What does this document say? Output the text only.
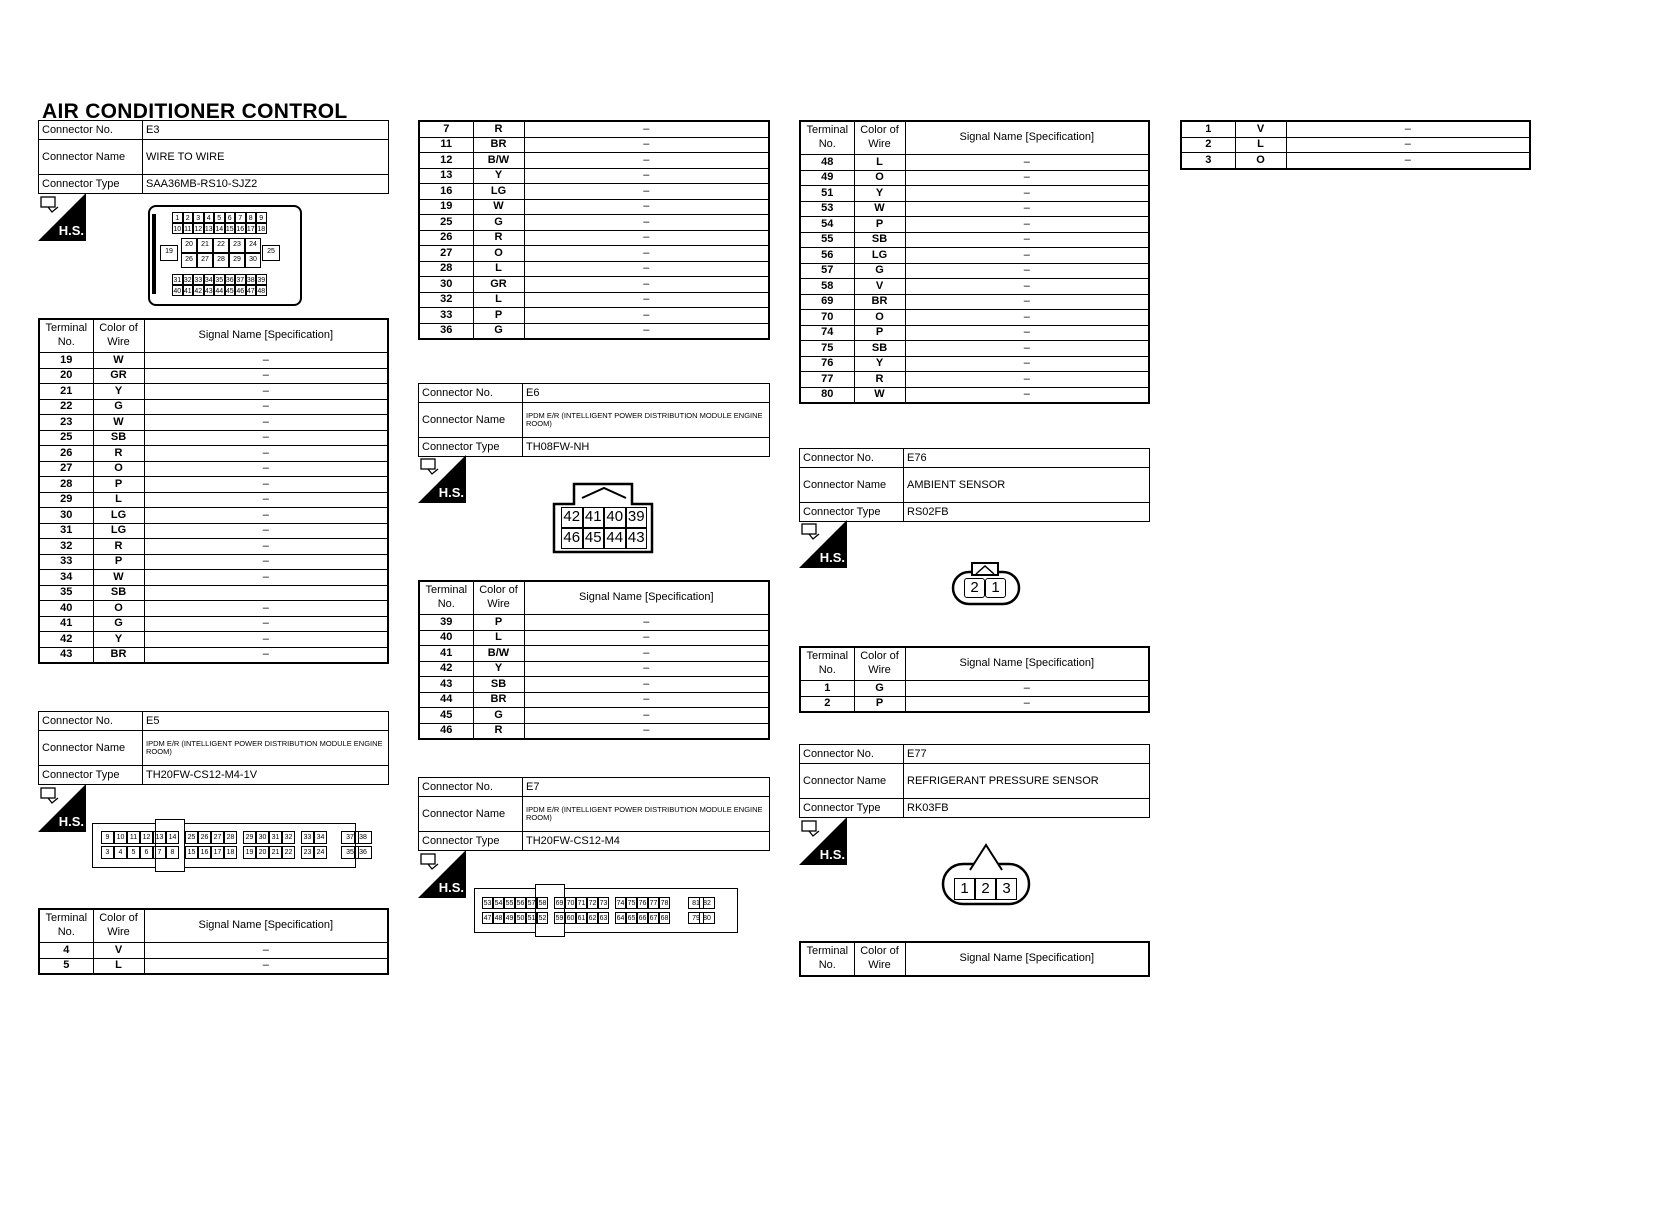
AIR CONDITIONER CONTROL
Connector No.	E3
Connector Name	WIRE TO WIRE
Connector Type	SAA36MB-RS10-SJZ2
H.S.
1 2 3 4 5 6 7 8 9
10 11 12 13 14 15 16 17 18
20	21	22	23	24
26	27	28	29	30
19	25
31 32 33 34 35 36 37 38 39
40 41 42 43 44 45 46 47 48
Terminal No.	Color of Wire	Signal Name [Specification]
19	W	–
20	GR	–
21	Y	–
22	G	–
23	W	–
25	SB	–
26	R	–
27	O	–
28	P	–
29	L	–
30	LG	–
31	LG	–
32	R	–
33	P	–
34	W	–
35	SB	
40	O	–
41	G	–
42	Y	–
43	BR	–
Connector No.	E5
Connector Name	IPDM E/R (INTELLIGENT POWER DISTRIBUTION MODULE ENGINE ROOM)
Connector Type	TH20FW-CS12-M4-1V
H.S.
9	10 11 12 13 14	25 26 27 28	29 30 31 32	33 34	37 38
3	4	5	6	7	8	15 16 17 18	19 20 21 22	23 24	35 36
Terminal No.	Color of Wire	Signal Name [Specification]
4	V	–
5	L	–
7	R	–
11	BR	–
12	B/W	–
13	Y	–
16	LG	–
19	W	–
25	G	–
26	R	–
27	O	–
28	L	–
30	GR	–
32	L	–
33	P	–
36	G	–
Connector No.	E6
Connector Name	IPDM E/R (INTELLIGENT POWER DISTRIBUTION MODULE ENGINE ROOM)
Connector Type	TH08FW-NH
H.S.
42 41 40 39
46 45 44 43
Terminal No.	Color of Wire	Signal Name [Specification]
39	P	–
40	L	–
41	B/W	–
42	Y	–
43	SB	–
44	BR	–
45	G	–
46	R	–
Connector No.	E7
Connector Name	IPDM E/R (INTELLIGENT POWER DISTRIBUTION MODULE ENGINE ROOM)
Connector Type	TH20FW-CS12-M4
H.S.
53 54 55 56 57 58 69 70 71 72 73 74 75 76 77 78	81 82
47 48 49 50 51 52 59 60 61 62 63 64 65 66 67 68	79 80
Terminal No.	Color of Wire	Signal Name [Specification]
48	L	–
49	O	–
51	Y	–
53	W	–
54	P	–
55	SB	–
56	LG	–
57	G	–
58	V	–
69	BR	–
70	O	–
74	P	–
75	SB	–
76	Y	–
77	R	–
80	W	–
Connector No.	E76
Connector Name	AMBIENT SENSOR
Connector Type	RS02FB
H.S.
2 1
Terminal No.	Color of Wire	Signal Name [Specification]
1	G	–
2	P	–
Connector No.	E77
Connector Name	REFRIGERANT PRESSURE SENSOR
Connector Type	RK03FB
H.S.
1 2 3
Terminal No.	Color of Wire	Signal Name [Specification]
1	V	–
2	L	–
3	O	–
